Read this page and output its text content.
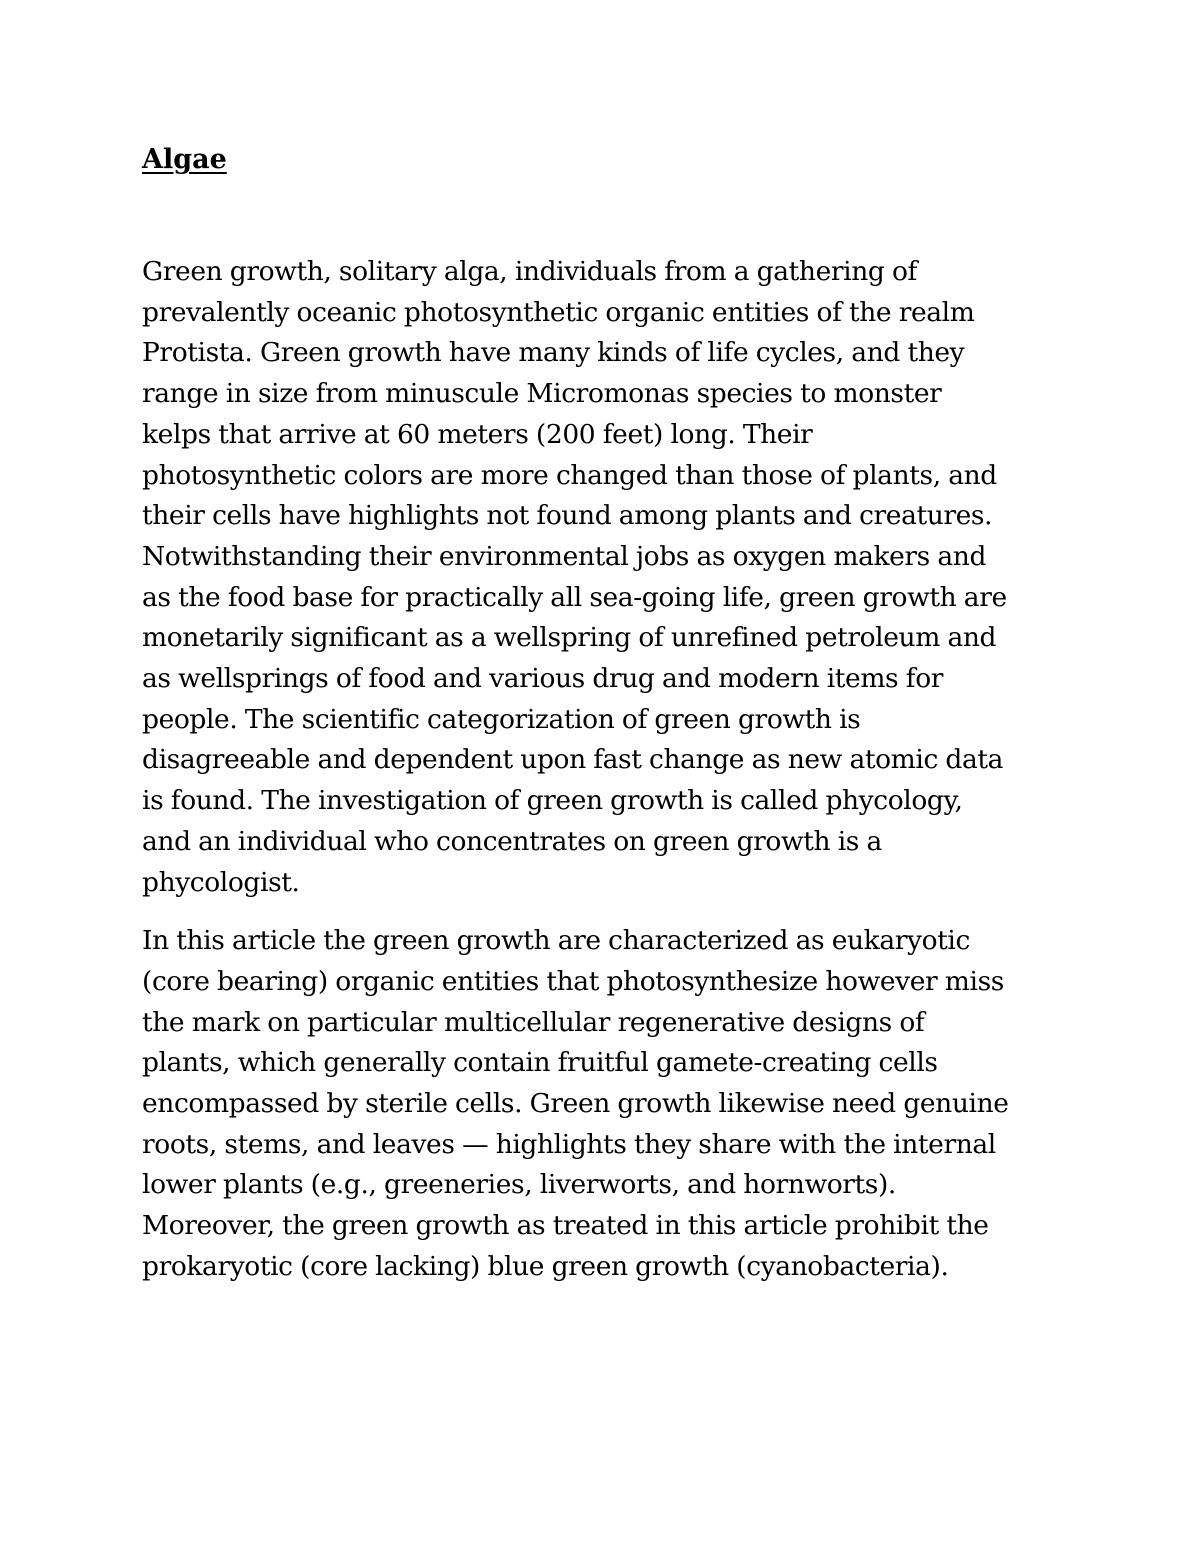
Algae

Green growth, solitary alga, individuals from a gathering of
prevalently oceanic photosynthetic organic entities of the realm
Protista. Green growth have many kinds of life cycles, and they
range in size from minuscule Micromonas species to monster
kelps that arrive at 60 meters (200 feet) long. Their
photosynthetic colors are more changed than those of plants, and
their cells have highlights not found among plants and creatures.
Notwithstanding their environmental jobs as oxygen makers and
as the food base for practically all sea-going life, green growth are
monetarily significant as a wellspring of unrefined petroleum and
as wellsprings of food and various drug and modern items for
people. The scientific categorization of green growth is
disagreeable and dependent upon fast change as new atomic data
is found. The investigation of green growth is called phycology,
and an individual who concentrates on green growth is a
phycologist.

In this article the green growth are characterized as eukaryotic
(core bearing) organic entities that photosynthesize however miss
the mark on particular multicellular regenerative designs of
plants, which generally contain fruitful gamete-creating cells
encompassed by sterile cells. Green growth likewise need genuine
roots, stems, and leaves — highlights they share with the internal
lower plants (e.g., greeneries, liverworts, and hornworts).
Moreover, the green growth as treated in this article prohibit the
prokaryotic (core lacking) blue green growth (cyanobacteria).
